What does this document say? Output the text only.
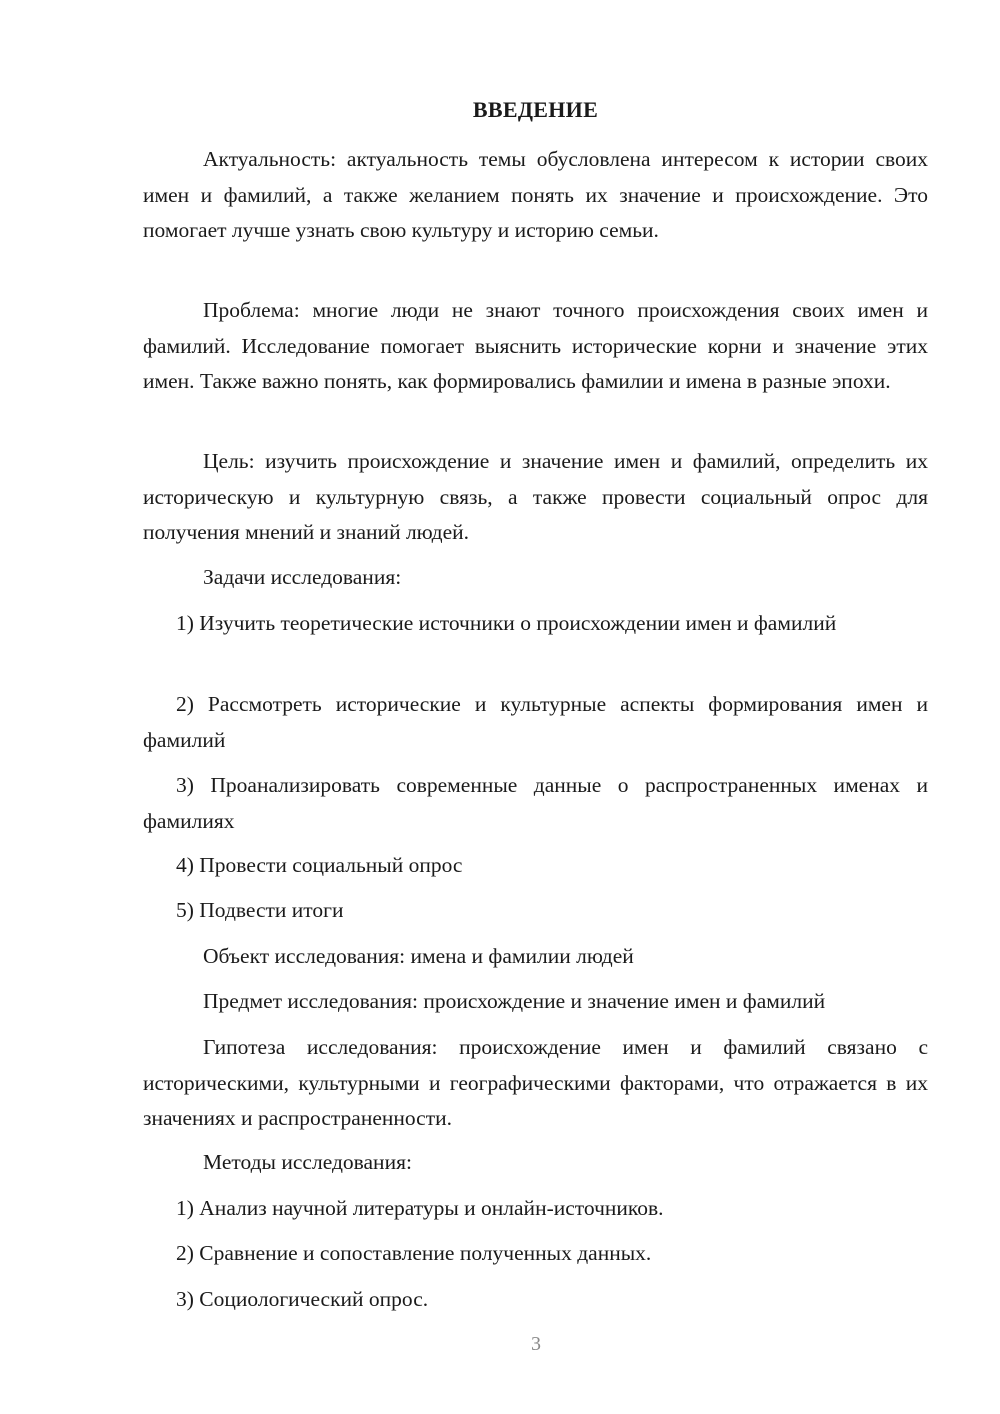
ВВЕДЕНИЕ

Актуальность: актуальность темы обусловлена интересом к истории своих имен и фамилий, а также желанием понять их значение и происхождение. Это помогает лучше узнать свою культуру и историю семьи.

Проблема: многие люди не знают точного происхождения своих имен и фамилий. Исследование помогает выяснить исторические корни и значение этих имен. Также важно понять, как формировались фамилии и имена в разные эпохи.

Цель: изучить происхождение и значение имен и фамилий, определить их историческую и культурную связь, а также провести социальный опрос для получения мнений и знаний людей.

Задачи исследования:

1) Изучить теоретические источники о происхождении имен и фамилий

2) Рассмотреть исторические и культурные аспекты формирования имен и фамилий

3) Проанализировать современные данные о распространенных именах и фамилиях

4) Провести социальный опрос

5) Подвести итоги

Объект исследования: имена и фамилии людей

Предмет исследования: происхождение и значение имен и фамилий

Гипотеза исследования: происхождение имен и фамилий связано с историческими, культурными и географическими факторами, что отражается в их значениях и распространенности.

Методы исследования:

1) Анализ научной литературы и онлайн-источников.

2) Сравнение и сопоставление полученных данных.

3) Социологический опрос.

3
